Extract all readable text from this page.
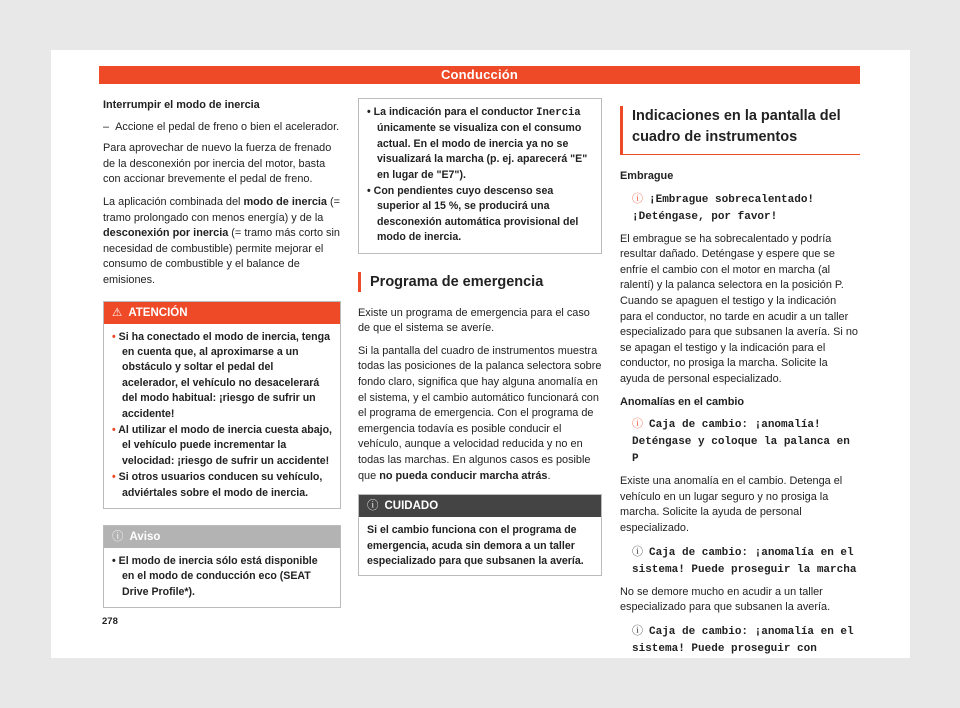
Conducción

Interrumpir el modo de inercia

–  Accione el pedal de freno o bien el acelerador.

Para aprovechar de nuevo la fuerza de frenado de la desconexión por inercia del motor, basta con accionar brevemente el pedal de freno.

La aplicación combinada del modo de inercia (= tramo prolongado con menos energía) y de la desconexión por inercia (= tramo más corto sin necesidad de combustible) permite mejorar el consumo de combustible y el balance de emisiones.

⚠ ATENCIÓN
• Si ha conectado el modo de inercia, tenga en cuenta que, al aproximarse a un obstáculo y soltar el pedal del acelerador, el vehículo no desacelerará del modo habitual: ¡riesgo de sufrir un accidente!
• Al utilizar el modo de inercia cuesta abajo, el vehículo puede incrementar la velocidad: ¡riesgo de sufrir un accidente!
• Si otros usuarios conducen su vehículo, adviértales sobre el modo de inercia.
ⓘ Aviso
• El modo de inercia sólo está disponible en el modo de conducción eco (SEAT Drive Profile*).
• La indicación para el conductor Inercia únicamente se visualiza con el consumo actual. En el modo de inercia ya no se visualizará la marcha (p. ej. aparecerá "E" en lugar de "E7").
• Con pendientes cuyo descenso sea superior al 15 %, se producirá una desconexión automática provisional del modo de inercia.
Programa de emergencia

Existe un programa de emergencia para el caso de que el sistema se averíe.

Si la pantalla del cuadro de instrumentos muestra todas las posiciones de la palanca selectora sobre fondo claro, significa que hay alguna anomalía en el sistema, y el cambio automático funcionará con el programa de emergencia. Con el programa de emergencia todavía es posible conducir el vehículo, aunque a velocidad reducida y no en todas las marchas. En algunos casos es posible que no pueda conducir marcha atrás.

ⓘ CUIDADO
Si el cambio funciona con el programa de emergencia, acuda sin demora a un taller especializado para que subsanen la avería.
Indicaciones en la pantalla del cuadro de instrumentos

Embrague

ⓘ ¡Embrague sobrecalentado! ¡Deténgase, por favor!

El embrague se ha sobrecalentado y podría resultar dañado. Deténgase y espere que se enfríe el cambio con el motor en marcha (al ralentí) y la palanca selectora en la posición P. Cuando se apaguen el testigo y la indicación para el conductor, no tarde en acudir a un taller especializado para que subsanen la avería. Si no se apagan el testigo y la indicación para el conductor, no prosiga la marcha. Solicite la ayuda de personal especializado.

Anomalías en el cambio

ⓘ Caja de cambio: ¡anomalía! Deténgase y coloque la palanca en P

Existe una anomalía en el cambio. Detenga el vehículo en un lugar seguro y no prosiga la marcha. Solicite la ayuda de personal especializado.

ⓘ Caja de cambio: ¡anomalía en el sistema! Puede proseguir la marcha

No se demore mucho en acudir a un taller especializado para que subsanen la avería.

ⓘ Caja de cambio: ¡anomalía en el sistema! Puede proseguir con
278
